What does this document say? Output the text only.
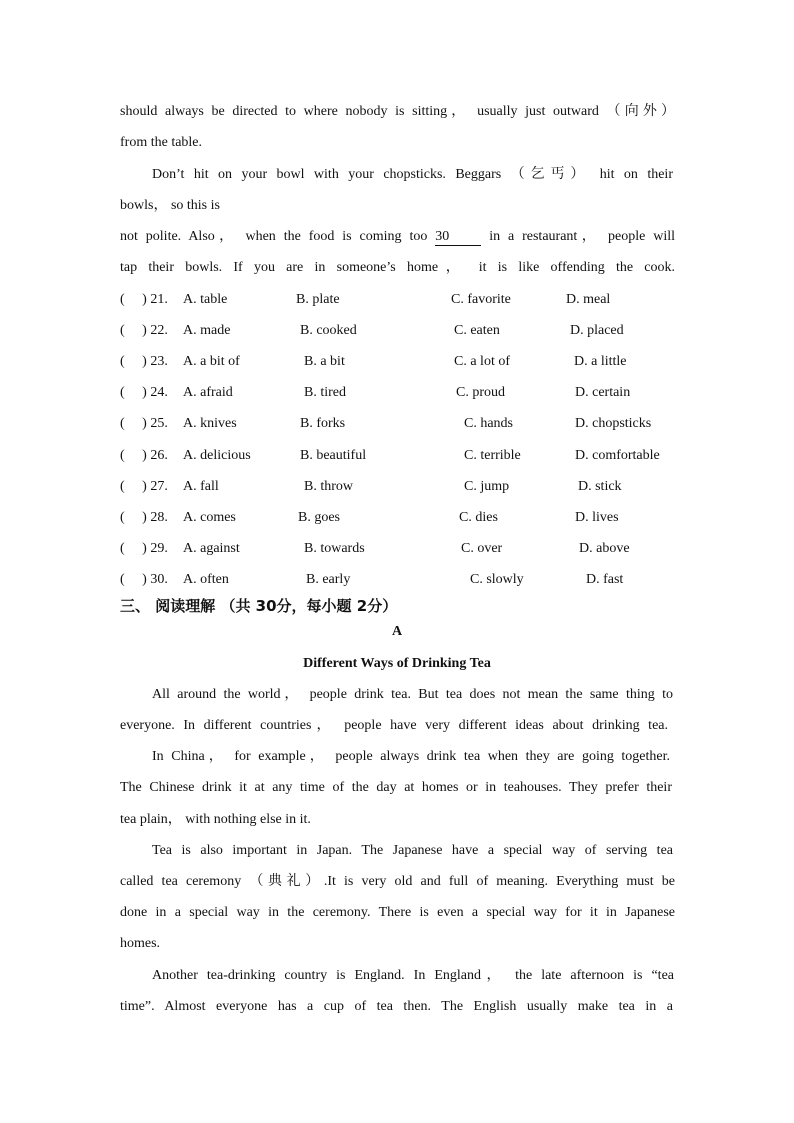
should always be directed to where nobody is sitting， usually just outward （向外）
from the table.
Don’t hit on your bowl with your chopsticks. Beggars （乞丐） hit on their
bowls， so this is
not polite. Also， when the food is coming too 30	in a restaurant， people will
tap their bowls. If you are in someone’s home， it is like offending the cook.
(　 ) 21. A. table	B. plate	C. favorite	D. meal
(　 ) 22. A. made	B. cooked	C. eaten	D. placed
(　 ) 23. A. a bit of	B. a bit	C. a lot of	D. a little
(　 ) 24. A. afraid	B. tired	C. proud	D. certain
(　 ) 25. A. knives	B. forks	C. hands	D. chopsticks
(　 ) 26. A. delicious	B. beautiful	C. terrible	D. comfortable
(　 ) 27. A. fall	B. throw	C. jump	D. stick
(　 ) 28. A. comes	B. goes	C. dies	D. lives
(　 ) 29. A. against	B. towards	C. over	D. above
(　 ) 30. A. often	B. early	C. slowly	D. fast
三、 阅读理解 （共 30分，每小题 2分）
A
Different Ways of Drinking Tea
All around the world， people drink tea. But tea does not mean the same thing to
everyone. In different countries， people have very different ideas about drinking tea.
In China， for example， people always drink tea when they are going together.
The Chinese drink it at any time of the day at homes or in teahouses. They prefer their
tea plain， with nothing else in it.
Tea is also important in Japan. The Japanese have a special way of serving tea
called tea ceremony （典礼）.It is very old and full of meaning. Everything must be
done in a special way in the ceremony. There is even a special way for it in Japanese
homes.
Another tea-drinking country is England. In England， the late afternoon is “tea
time”. Almost everyone has a cup of tea then. The English usually make tea in a
